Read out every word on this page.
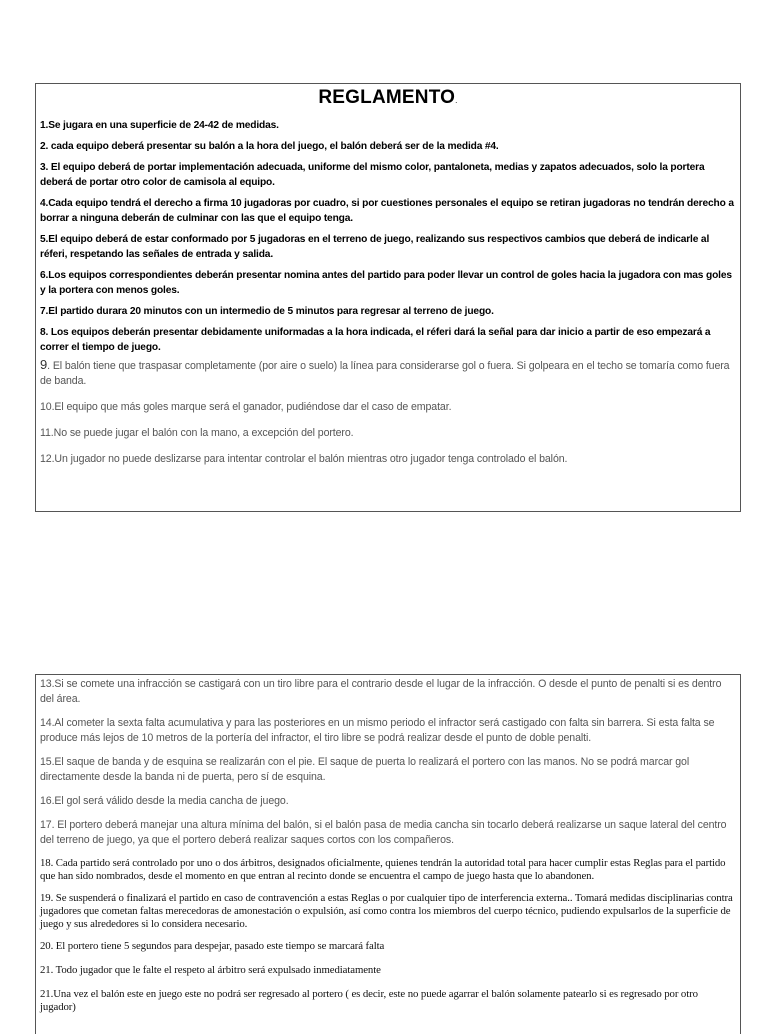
REGLAMENTO.

1.Se jugara en una superficie de 24-42 de medidas.

2. cada equipo deberá presentar su balón a la hora del juego, el balón deberá ser de la medida #4.

3. El equipo deberá de portar implementación adecuada, uniforme del mismo color, pantaloneta, medias y zapatos adecuados, solo la portera deberá de portar otro color de camisola al equipo.

4.Cada equipo tendrá el derecho a firma 10 jugadoras por cuadro, si por cuestiones personales el equipo se retiran jugadoras no tendrán derecho a borrar a ninguna deberán de culminar con las que el equipo tenga.

5.El equipo deberá de estar conformado por 5 jugadoras en el terreno de juego, realizando sus respectivos cambios que deberá de indicarle al réferi, respetando las señales de entrada y salida.

6.Los equipos correspondientes deberán presentar nomina antes del partido para poder llevar un control de goles hacia la jugadora con mas goles y la portera con menos goles.

7.El partido durara 20 minutos con un intermedio de 5 minutos para regresar al terreno de juego.

8. Los equipos deberán presentar debidamente uniformadas a la hora indicada, el réferi dará la señal para dar inicio a partir de eso empezará a correr el tiempo de juego.

9. El balón tiene que traspasar completamente (por aire o suelo) la línea para considerarse gol o fuera. Si golpeara en el techo se tomaría como fuera de banda.

10.El equipo que más goles marque será el ganador, pudiéndose dar el caso de empatar.

11.No se puede jugar el balón con la mano, a excepción del portero.

12.Un jugador no puede deslizarse para intentar controlar el balón mientras otro jugador tenga controlado el balón.

13.Si se comete una infracción se castigará con un tiro libre para el contrario desde el lugar de la infracción. O desde el punto de penalti si es dentro del área.

14.Al cometer la sexta falta acumulativa y para las posteriores en un mismo periodo el infractor será castigado con falta sin barrera. Si esta falta se produce más lejos de 10 metros de la portería del infractor, el tiro libre se podrá realizar desde el punto de doble penalti.

15.El saque de banda y de esquina se realizarán con el pie. El saque de puerta lo realizará el portero con las manos. No se podrá marcar gol directamente desde la banda ni de puerta, pero sí de esquina.

16.El gol será válido desde la media cancha de juego.

17. El portero deberá manejar una altura mínima del balón, si el balón pasa de media cancha sin tocarlo deberá realizarse un saque lateral del centro del terreno de juego, ya que el portero deberá realizar saques cortos con los compañeros.

18. Cada partido será controlado por uno o dos árbitros, designados oficialmente, quienes tendrán la autoridad total para hacer cumplir estas Reglas para el partido que han sido nombrados, desde el momento en que entran al recinto donde se encuentra el campo de juego hasta que lo abandonen.

19. Se suspenderá o finalizará el partido en caso de contravención a estas Reglas o por cualquier tipo de interferencia externa.. Tomará medidas disciplinarias contra jugadores que cometan faltas merecedoras de amonestación o expulsión, así como contra los miembros del cuerpo técnico, pudiendo expulsarlos de la superficie de juego y sus alrededores si lo considera necesario.

20. El portero tiene 5 segundos para despejar, pasado este tiempo se marcará falta

21. Todo jugador que le falte el respeto al árbitro será expulsado inmediatamente

21.Una vez el balón este en juego este no podrá ser regresado al portero ( es decir, este no puede agarrar el balón solamente patearlo si es regresado por otro jugador)
